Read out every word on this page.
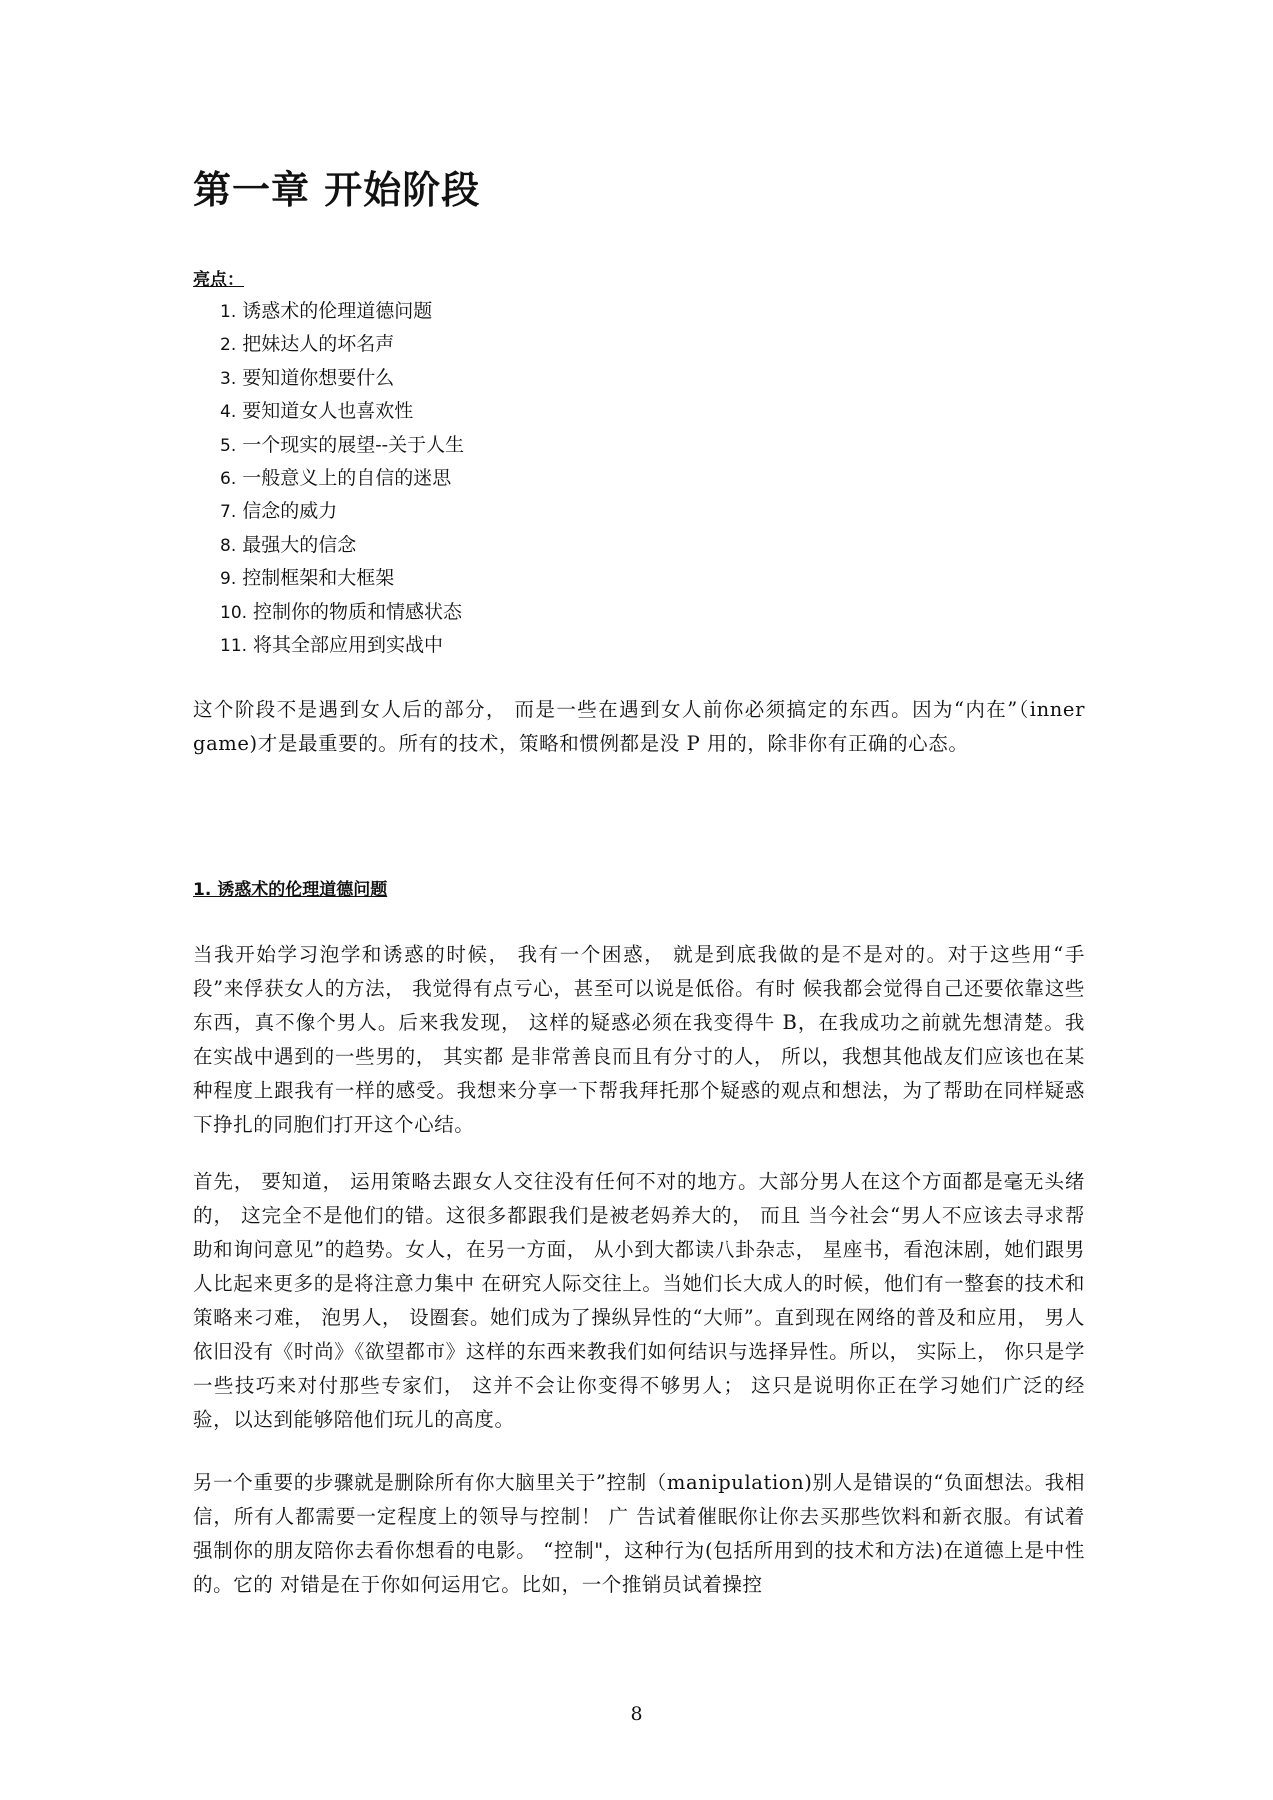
第一章 开始阶段
亮点：
1. 诱惑术的伦理道德问题
2. 把妹达人的坏名声
3. 要知道你想要什么
4. 要知道女人也喜欢性
5. 一个现实的展望--关于人生
6. 一般意义上的自信的迷思
7. 信念的威力
8. 最强大的信念
9. 控制框架和大框架
10. 控制你的物质和情感状态
11. 将其全部应用到实战中

这个阶段不是遇到女人后的部分， 而是一些在遇到女人前你必须搞定的东西。因为“内在”（inner game)才是最重要的。所有的技术，策略和惯例都是没 P 用的，除非你有正确的心态。

1. 诱惑术的伦理道德问题

当我开始学习泡学和诱惑的时候， 我有一个困惑， 就是到底我做的是不是对的。对于这些用“手段”来俘获女人的方法， 我觉得有点亏心，甚至可以说是低俗。有时 候我都会觉得自己还要依靠这些东西，真不像个男人。后来我发现， 这样的疑惑必须在我变得牛 B，在我成功之前就先想清楚。我在实战中遇到的一些男的， 其实都 是非常善良而且有分寸的人， 所以，我想其他战友们应该也在某种程度上跟我有一样的感受。我想来分享一下帮我拜托那个疑惑的观点和想法，为了帮助在同样疑惑 下挣扎的同胞们打开这个心结。

首先， 要知道， 运用策略去跟女人交往没有任何不对的地方。大部分男人在这个方面都是毫无头绪的， 这完全不是他们的错。这很多都跟我们是被老妈养大的， 而且 当今社会“男人不应该去寻求帮助和询问意见”的趋势。女人，在另一方面， 从小到大都读八卦杂志， 星座书，看泡沫剧，她们跟男人比起来更多的是将注意力集中 在研究人际交往上。当她们长大成人的时候，他们有一整套的技术和策略来刁难， 泡男人， 设圈套。她们成为了操纵异性的“大师”。直到现在网络的普及和应用， 男人依旧没有《时尚》《欲望都市》这样的东西来教我们如何结识与选择异性。所以， 实际上， 你只是学一些技巧来对付那些专家们， 这并不会让你变得不够男人； 这只是说明你正在学习她们广泛的经验，以达到能够陪他们玩儿的高度。

另一个重要的步骤就是删除所有你大脑里关于”控制（manipulation)别人是错误的“负面想法。我相信，所有人都需要一定程度上的领导与控制！ 广 告试着催眠你让你去买那些饮料和新衣服。有试着强制你的朋友陪你去看你想看的电影。 “控制"，这种行为(包括所用到的技术和方法)在道德上是中性的。它的 对错是在于你如何运用它。比如，一个推销员试着操控

8
